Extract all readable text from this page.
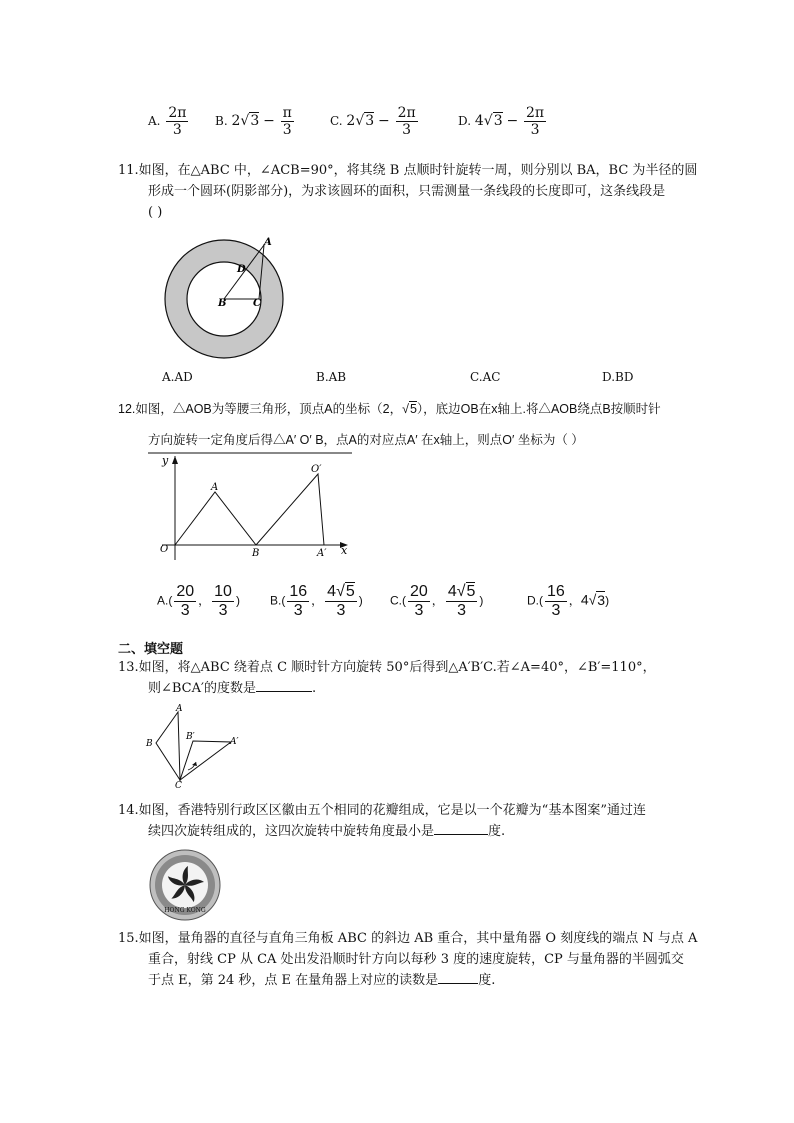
A. $\frac{2\pi}{3} B$. $2√3 - \frac{\pi}{3}$	C. $2√3 - \frac{2\pi}{3}$	D. $4√3 - \frac{2\pi}{3}$
11.如图，在△ABC 中，∠ACB=90°，将其绕 B 点顺时针旋转一周，则分别以 BA，BC 为半径的圆
形成一个圆环(阴影部分)，为求该圆环的面积，只需测量一条线段的长度即可，这条线段是
( )
A
D
B	C
A.AD	B.AB	C.AC	D.BD
12.如图，△AOB为等腰三角形，顶点A的坐标（2，√5），底边OB在x轴上.将△AOB绕点B按顺时针
方向旋转一定角度后得△A′ O′ B，点A的对应点A′ 在x轴上，则点O′ 坐标为（ ）
y
x
O
A
B
O′
A′
$A.( \frac{20}{3}$ ， $\frac{10}{3}$ )	$B.( \frac{16}{3}$ ， $\frac{4√5}{3}$ ) $C.( \frac{20}{3}$ ， $\frac{4√5}{3}$ )	$D.( \frac{16}{3}$ ，4√3)
二、填空题
13.如图，将△ABC 绕着点 C 顺时针方向旋转 50°后得到△A′B′C.若∠A=40°，∠B′=110°，
则∠BCA′的度数是	.
A
B
B′	A′
C
14.如图，香港特别行政区区徽由五个相同的花瓣组成，它是以一个花瓣为“基本图案”通过连
续四次旋转组成的，这四次旋转中旋转角度最小是	度.
HONG KONG
15.如图，量角器的直径与直角三角板 ABC 的斜边 AB 重合，其中量角器 O 刻度线的端点 N 与点 A
重合，射线 CP 从 CA 处出发沿顺时针方向以每秒 3 度的速度旋转，CP 与量角器的半圆弧交
于点 E，第 24 秒，点 E 在量角器上对应的读数是	度.
